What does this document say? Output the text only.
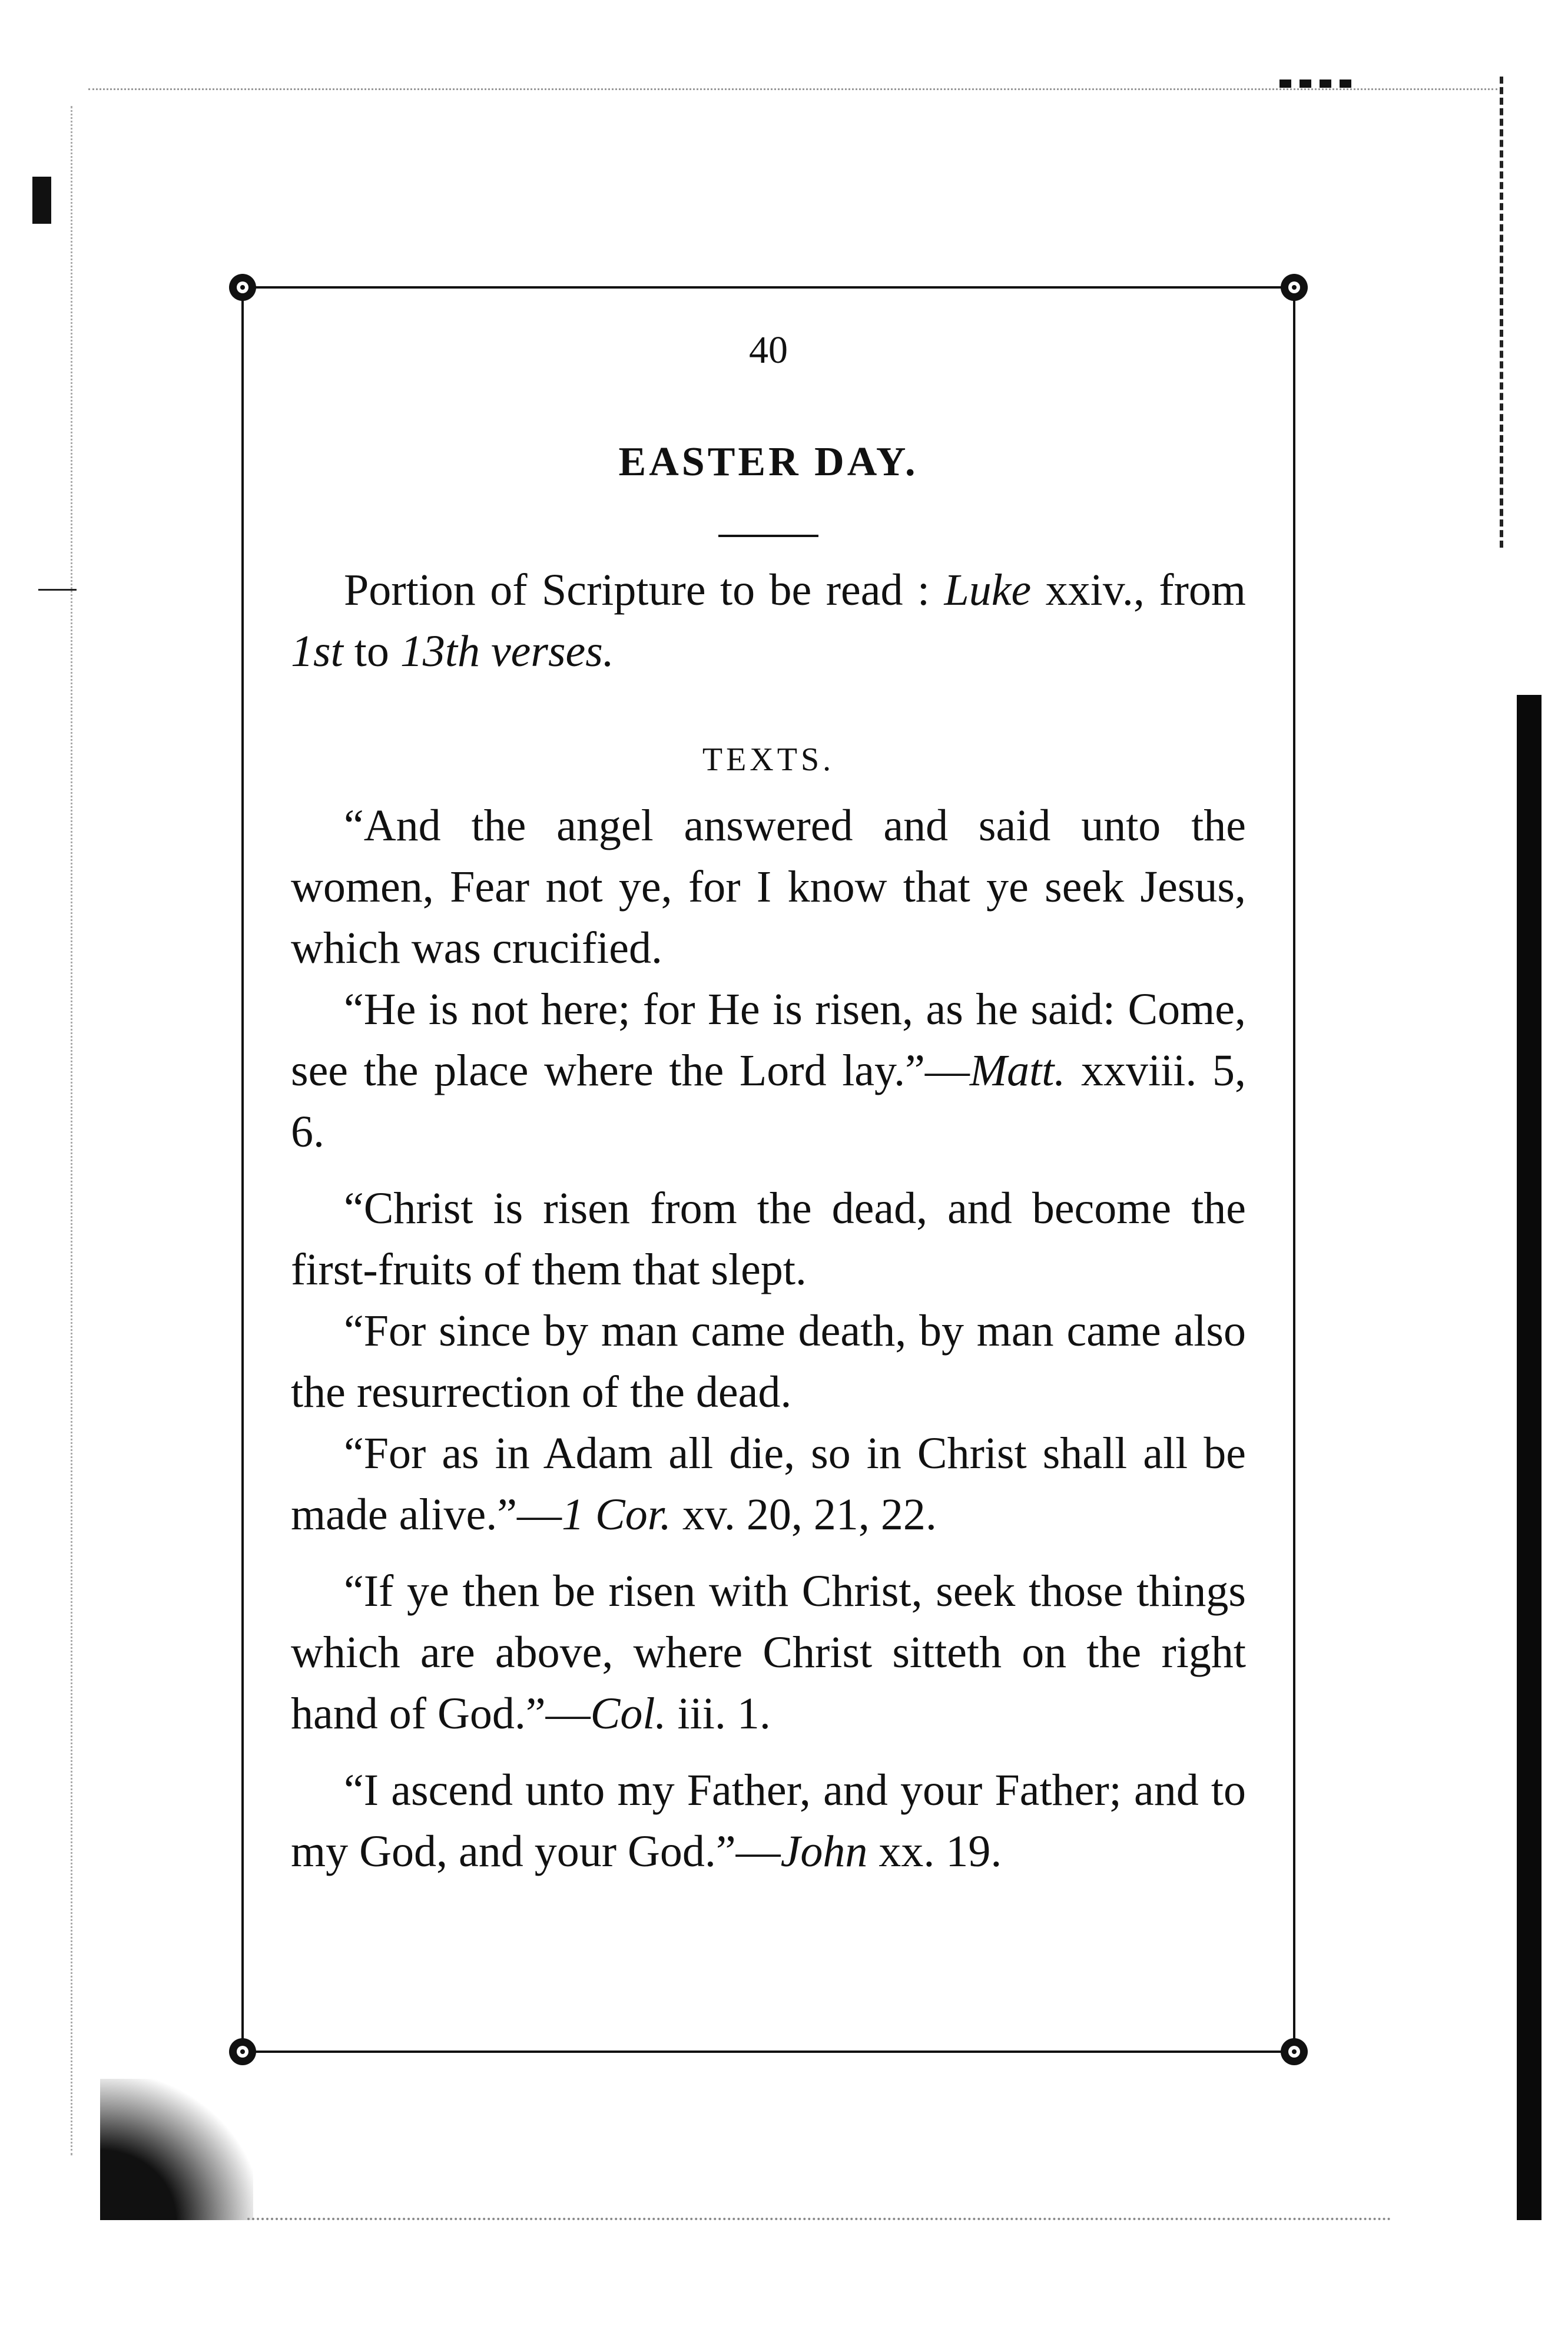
40

EASTER DAY.

Portion of Scripture to be read : Luke xxiv., from 1st to 13th verses.

TEXTS.

“And the angel answered and said unto the women, Fear not ye, for I know that ye seek Jesus, which was crucified.

“He is not here; for He is risen, as he said: Come, see the place where the Lord lay.”—Matt. xxviii. 5, 6.

“Christ is risen from the dead, and become the first-fruits of them that slept.

“For since by man came death, by man came also the resurrection of the dead.

“For as in Adam all die, so in Christ shall all be made alive.”—1 Cor. xv. 20, 21, 22.

“If ye then be risen with Christ, seek those things which are above, where Christ sitteth on the right hand of God.”—Col. iii. 1.

“I ascend unto my Father, and your Father; and to my God, and your God.”—John xx. 19.
